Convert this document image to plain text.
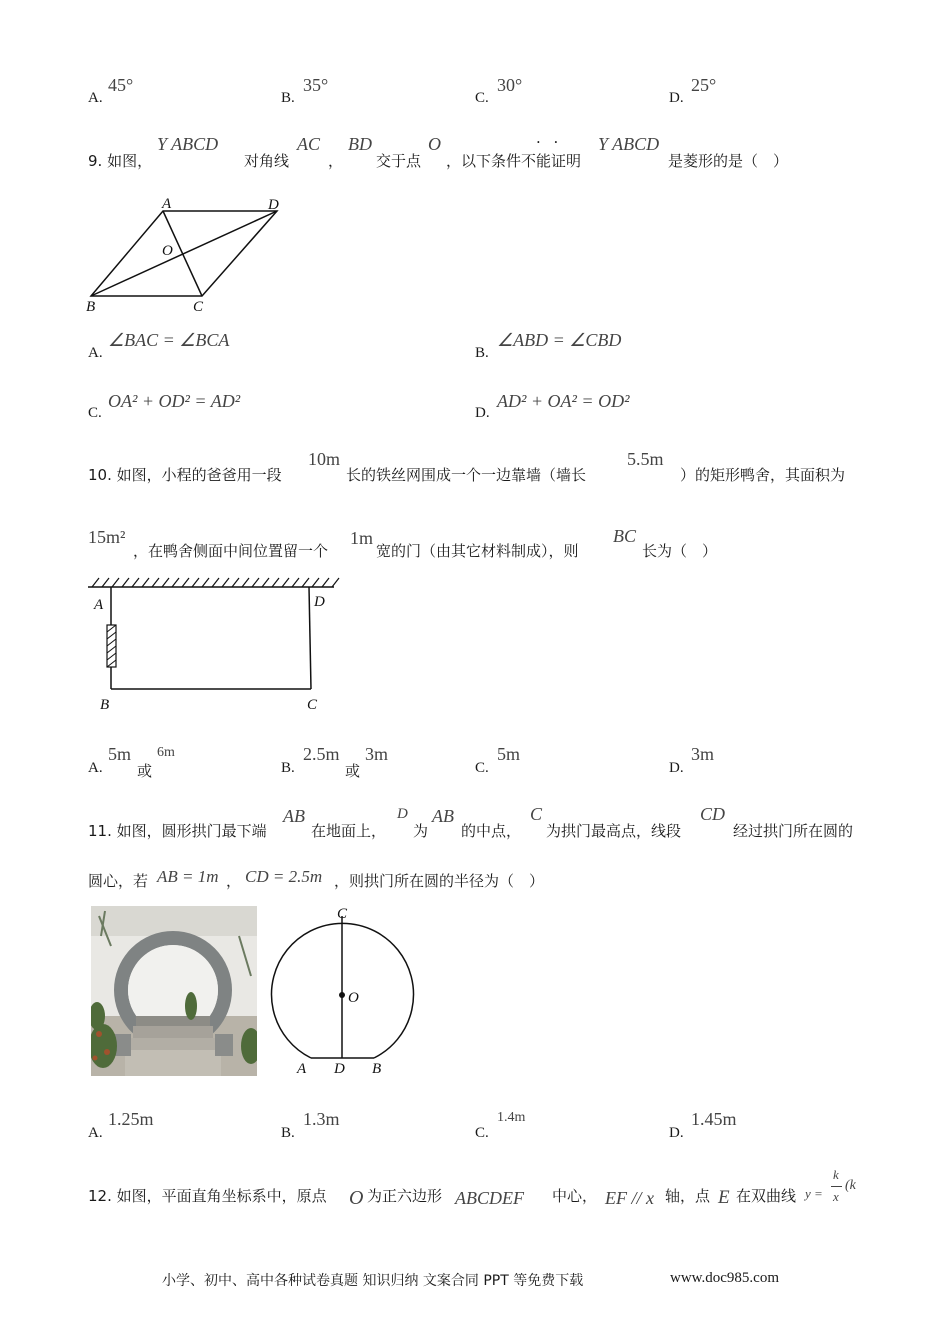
A.
45°
B.
35°
C.
30°
D.
25°
9. 如图，
Y ABCD
对角线
AC
，
BD
交于点
O
，以下条件不能证明
· · Y ABCD
是菱形的是（　）
A	D
O
B	C
A.
∠BAC = ∠BCA
B.
∠ABD = ∠CBD
C.
OA² + OD² = AD²
D.
AD² + OA² = OD²
10. 如图，小程的爸爸用一段
10m
长的铁丝网围成一个一边靠墙（墙长
5.5m
）的矩形鸭舍，其面积为
15m²
，在鸭舍侧面中间位置留一个
1m
宽的门（由其它材料制成），则
BC
长为（　）
A	D
B	C
A.
5m
或
6m
B.
2.5m
或
3m
C.
5m
D.
3m
11. 如图，圆形拱门最下端
AB
在地面上，
D
为
AB
的中点，
C
为拱门最高点，线段
CD
经过拱门所在圆的
圆心，若 AB = 1m ， CD = 2.5m ，则拱门所在圆的半径为（　）
C
O
A D B
A.
1.25m
B.
1.3m
C.
1.4m
D.
1.45m
12. 如图，平面直角坐标系中，原点 O 为正六边形 ABCDEF 中心， EF // x 轴，点 E 在双曲线 y =
k
x
(k
小学、初中、高中各种试卷真题 知识归纳 文案合同 PPT 等免费下载	www.doc985.com
